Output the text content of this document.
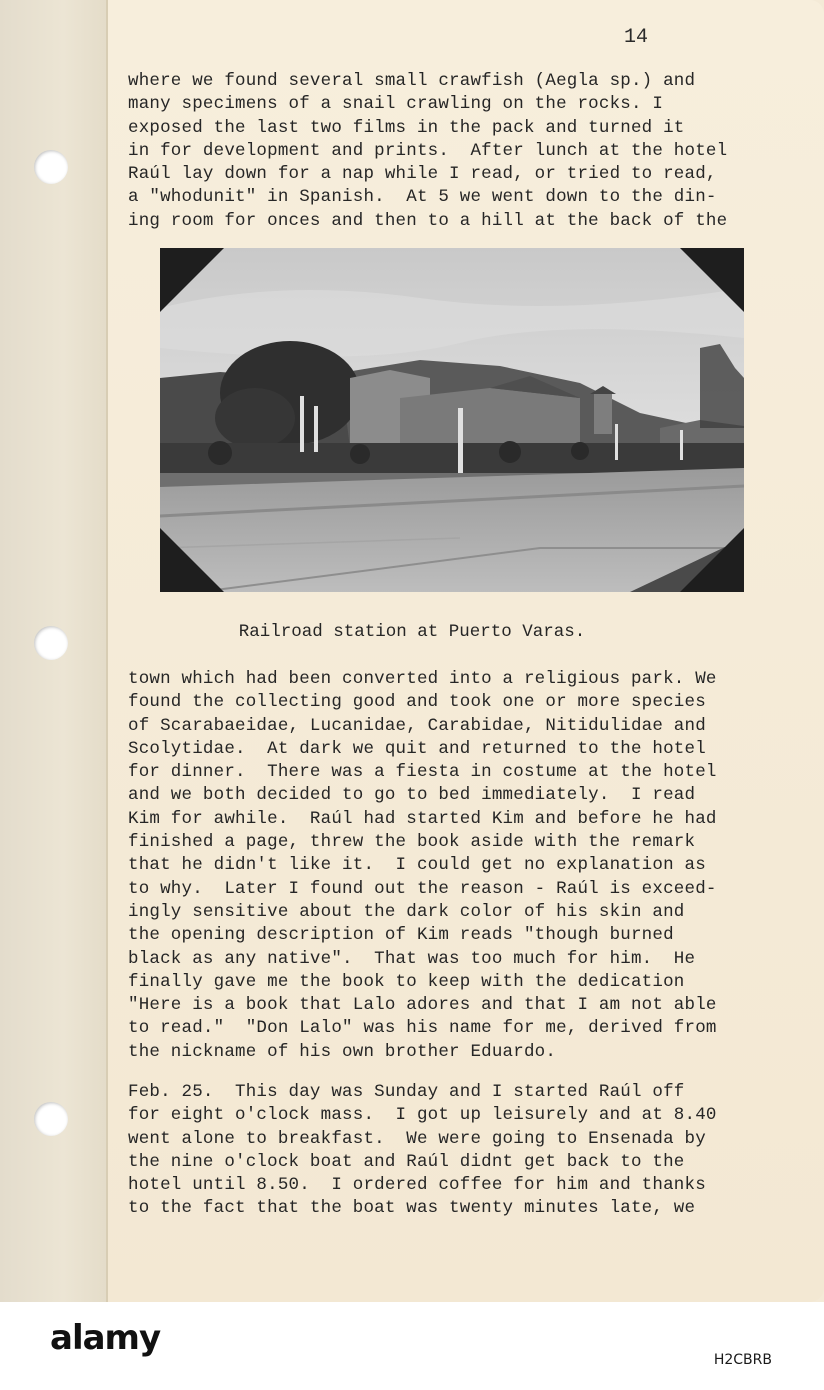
14
where we found several small crawfish (Aegla sp.) and
many specimens of a snail crawling on the rocks. I
exposed the last two films in the pack and turned it
in for development and prints.  After lunch at the hotel
Raúl lay down for a nap while I read, or tried to read,
a "whodunit" in Spanish.  At 5 we went down to the din-
ing room for onces and then to a hill at the back of the
Railroad station at Puerto Varas.
town which had been converted into a religious park. We
found the collecting good and took one or more species
of Scarabaeidae, Lucanidae, Carabidae, Nitidulidae and
Scolytidae.  At dark we quit and returned to the hotel
for dinner.  There was a fiesta in costume at the hotel
and we both decided to go to bed immediately.  I read
Kim for awhile.  Raúl had started Kim and before he had
finished a page, threw the book aside with the remark
that he didn't like it.  I could get no explanation as
to why.  Later I found out the reason - Raúl is exceed-
ingly sensitive about the dark color of his skin and
the opening description of Kim reads "though burned
black as any native".  That was too much for him.  He
finally gave me the book to keep with the dedication
"Here is a book that Lalo adores and that I am not able
to read."  "Don Lalo" was his name for me, derived from
the nickname of his own brother Eduardo.
Feb. 25.  This day was Sunday and I started Raúl off
for eight o'clock mass.  I got up leisurely and at 8.40
went alone to breakfast.  We were going to Ensenada by
the nine o'clock boat and Raúl didnt get back to the
hotel until 8.50.  I ordered coffee for him and thanks
to the fact that the boat was twenty minutes late, we
alamy
H2CBRB
